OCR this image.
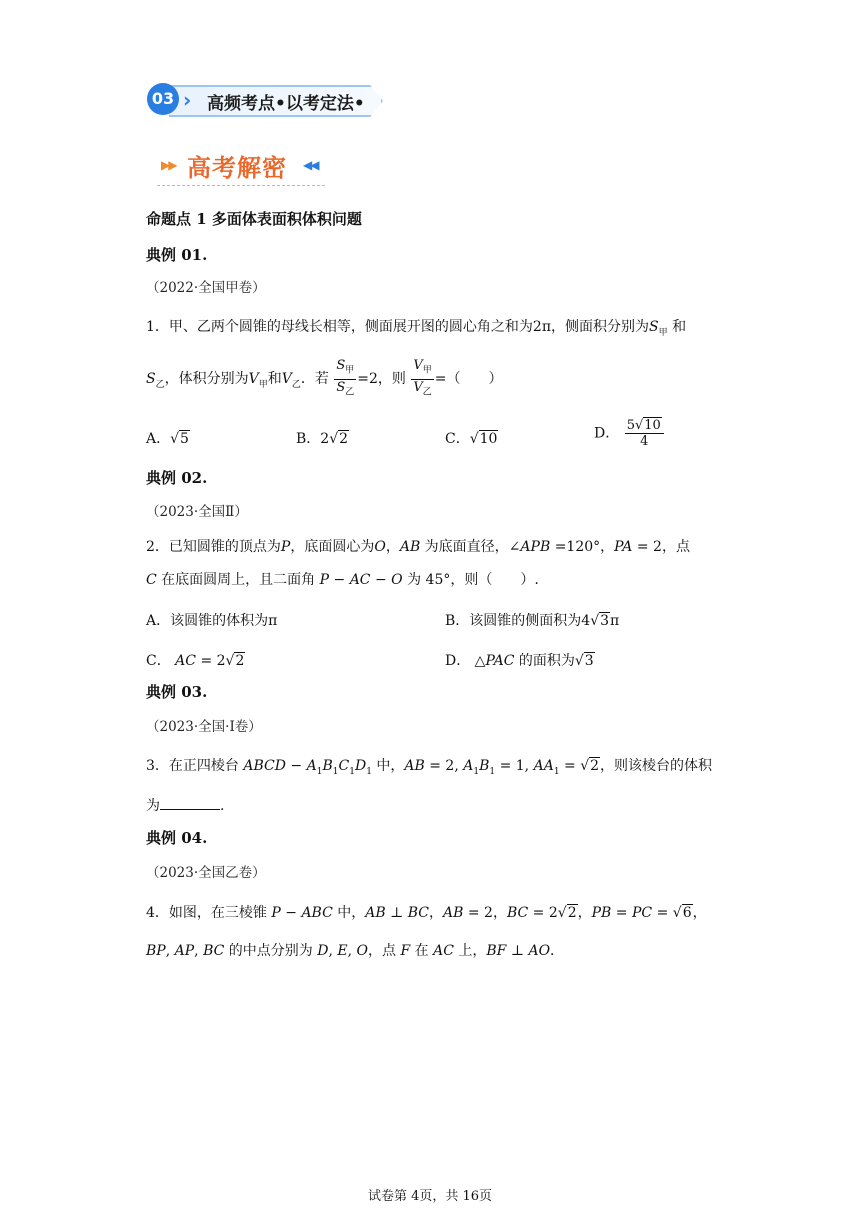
03 › 高频考点•以考定法•
▶▶ 高考解密 ◀◀
命题点 1 多面体表面积体积问题
典例 01.
（2022·全国甲卷）
1．甲、乙两个圆锥的母线长相等，侧面展开图的圆心角之和为2π，侧面积分别为$S_甲$ 和
$S_乙$，体积分别为$V_甲$和$V_乙$．若 $\frac{S_甲}{S_乙} =2$，则 $\frac{V_甲}{V_乙}$ =（　　）
A．√5	B．2√2	C．√10	D． $\frac{5√10}{4}$
典例 02.
（2023·全国Ⅱ）
2．已知圆锥的顶点为P，底面圆心为O，AB 为底面直径，∠APB =120°，PA = 2，点
C 在底面圆周上，且二面角 P − AC − O 为 45°，则（　　）.
A．该圆锥的体积为π	B．该圆锥的侧面积为4√3π
C． AC = 2√2	D． △PAC 的面积为√3
典例 03.
（2023·全国·Ⅰ卷）
3．在正四棱台 ABCD − $A_1B_1C_1D_1$ 中，AB = 2, $A_1B_1 = 1$, $AA_1 = √2$，则该棱台的体积
为	.
典例 04.
（2023·全国乙卷）
4．如图，在三棱锥 P − ABC 中，AB ⊥ BC，AB = 2，BC = 2√2，PB = PC = √6，
BP, AP, BC 的中点分别为 D, E, O，点 F 在 AC 上，BF ⊥ AO．
试卷第 4页，共 16页
